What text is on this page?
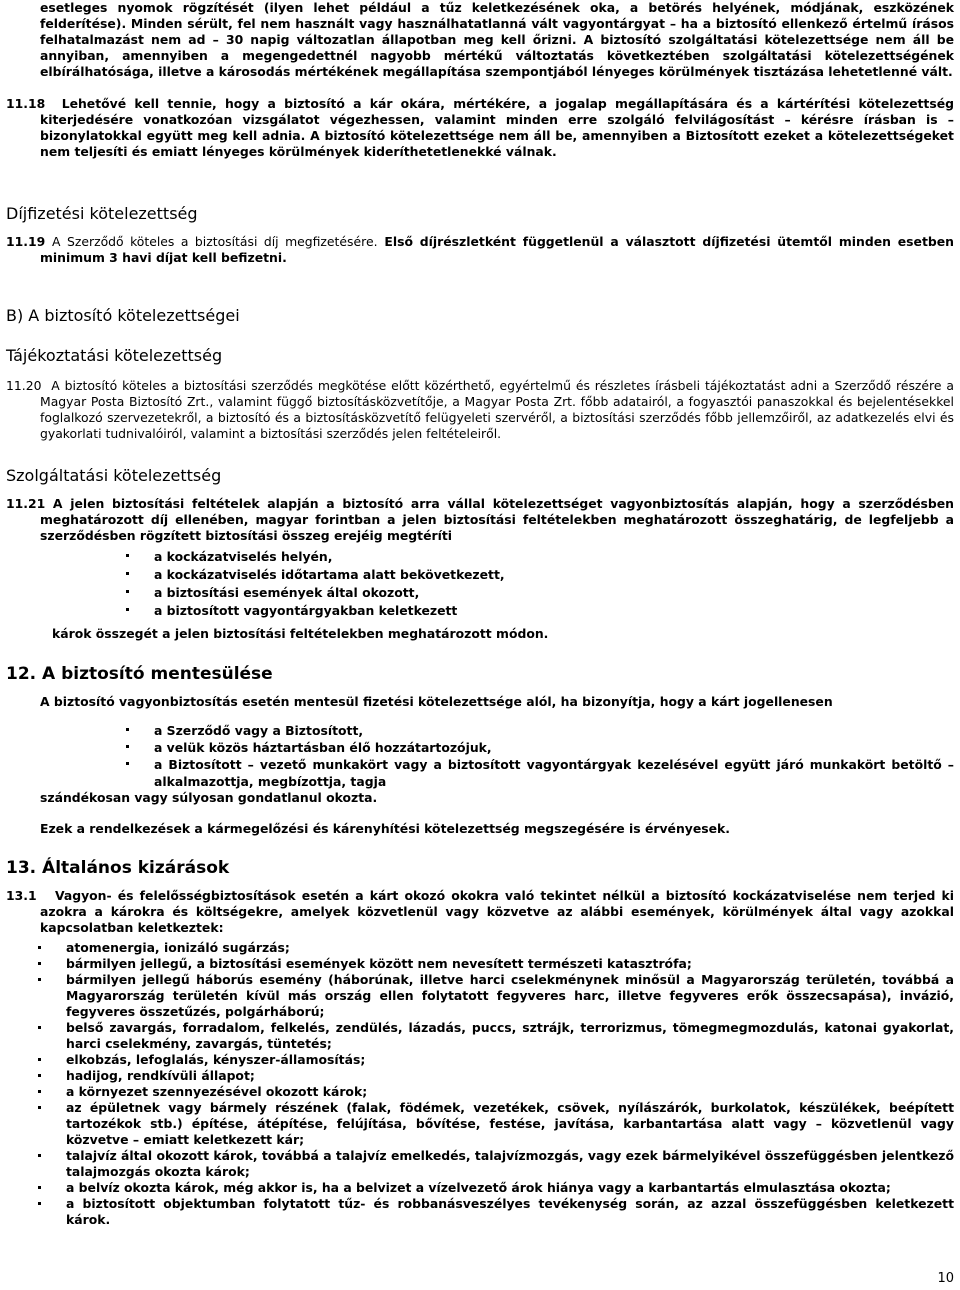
esetleges nyomok rögzítését (ilyen lehet például a tűz keletkezésének oka, a betörés helyének, módjának, eszközének felderítése). Minden sérült, fel nem használt vagy használhatatlanná vált vagyontárgyat – ha a biztosító ellenkező értelmű írásos felhatalmazást nem ad – 30 napig változatlan állapotban meg kell őrizni. A biztosító szolgáltatási kötelezettsége nem áll be annyiban, amennyiben a megengedettnél nagyobb mértékű változtatás következtében szolgáltatási kötelezettségének elbírálhatósága, illetve a károsodás mértékének megállapítása szempontjából lényeges körülmények tisztázása lehetetlenné vált.

11.18 Lehetővé kell tennie, hogy a biztosító a kár okára, mértékére, a jogalap megállapítására és a kártérítési kötelezettség kiterjedésére vonatkozóan vizsgálatot végezhessen, valamint minden erre szolgáló felvilágosítást – kérésre írásban is – bizonylatokkal együtt meg kell adnia. A biztosító kötelezettsége nem áll be, amennyiben a Biztosított ezeket a kötelezettségeket nem teljesíti és emiatt lényeges körülmények kideríthetetlenekké válnak.

Díjfizetési kötelezettség

11.19 A Szerződő köteles a biztosítási díj megfizetésére. Első díjrészletként függetlenül a választott díjfizetési ütemtől minden esetben minimum 3 havi díjat kell befizetni.

B) A biztosító kötelezettségei
Tájékoztatási kötelezettség

11.20 A biztosító köteles a biztosítási szerződés megkötése előtt közérthető, egyértelmű és részletes írásbeli tájékoztatást adni a Szerződő részére a Magyar Posta Biztosító Zrt., valamint függő biztosításközvetítője, a Magyar Posta Zrt. főbb adatairól, a fogyasztói panaszokkal és bejelentésekkel foglalkozó szervezetekről, a biztosító és a biztosításközvetítő felügyeleti szervéről, a biztosítási szerződés főbb jellemzőiről, az adatkezelés elvi és gyakorlati tudnivalóiról, valamint a biztosítási szerződés jelen feltételeiről.

Szolgáltatási kötelezettség

11.21 A jelen biztosítási feltételek alapján a biztosító arra vállal kötelezettséget vagyonbiztosítás alapján, hogy a szerződésben meghatározott díj ellenében, magyar forintban a jelen biztosítási feltételekben meghatározott összeghatárig, de legfeljebb a szerződésben rögzített biztosítási összeg erejéig megtéríti

a kockázatviselés helyén,
a kockázatviselés időtartama alatt bekövetkezett,
a biztosítási események által okozott,
a biztosított vagyontárgyakban keletkezett

károk összegét a jelen biztosítási feltételekben meghatározott módon.

12. A biztosító mentesülése

A biztosító vagyonbiztosítás esetén mentesül fizetési kötelezettsége alól, ha bizonyítja, hogy a kárt jogellenesen

a Szerződő vagy a Biztosított,
a velük közös háztartásban élő hozzátartozójuk,
a Biztosított – vezető munkakört vagy a biztosított vagyontárgyak kezelésével együtt járó munkakört betöltő – alkalmazottja, megbízottja, tagja

szándékosan vagy súlyosan gondatlanul okozta.

Ezek a rendelkezések a kármegelőzési és kárenyhítési kötelezettség megszegésére is érvényesek.

13. Általános kizárások

13.1 Vagyon- és felelősségbiztosítások esetén a kárt okozó okokra való tekintet nélkül a biztosító kockázatviselése nem terjed ki azokra a károkra és költségekre, amelyek közvetlenül vagy közvetve az alábbi események, körülmények által vagy azokkal kapcsolatban keletkeztek:

atomenergia, ionizáló sugárzás;
bármilyen jellegű, a biztosítási események között nem nevesített természeti katasztrófa;
bármilyen jellegű háborús esemény (háborúnak, illetve harci cselekménynek minősül a Magyarország területén, továbbá a Magyarország területén kívül más ország ellen folytatott fegyveres harc, illetve fegyveres erők összecsapása), invázió, fegyveres összetűzés, polgárháború;
belső zavargás, forradalom, felkelés, zendülés, lázadás, puccs, sztrájk, terrorizmus, tömegmegmozdulás, katonai gyakorlat, harci cselekmény, zavargás, tüntetés;
elkobzás, lefoglalás, kényszer-államosítás;
hadijog, rendkívüli állapot;
a környezet szennyezésével okozott károk;
az épületnek vagy bármely részének (falak, födémek, vezetékek, csövek, nyílászárók, burkolatok, készülékek, beépített tartozékok stb.) építése, átépítése, felújítása, bővítése, festése, javítása, karbantartása alatt vagy – közvetlenül vagy közvetve – emiatt keletkezett kár;
talajvíz által okozott károk, továbbá a talajvíz emelkedés, talajvízmozgás, vagy ezek bármelyikével összefüggésben jelentkező talajmozgás okozta károk;
a belvíz okozta károk, még akkor is, ha a belvizet a vízelvezető árok hiánya vagy a karbantartás elmulasztása okozta;
a biztosított objektumban folytatott tűz- és robbanásveszélyes tevékenység során, az azzal összefüggésben keletkezett károk.
10
